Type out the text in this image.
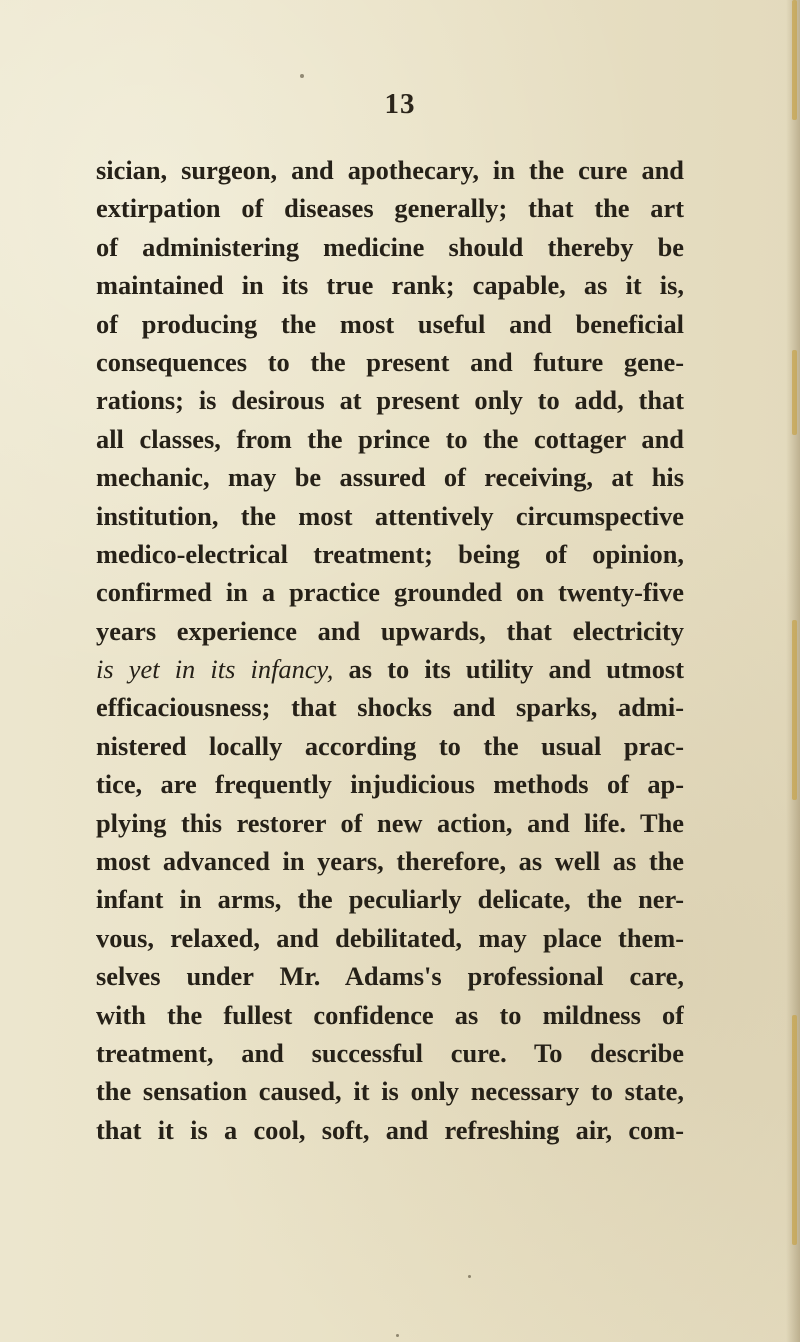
13
sician, surgeon, and apothecary, in the cure and
extirpation of diseases generally; that the art
of administering medicine should thereby be
maintained in its true rank; capable, as it is,
of producing the most useful and beneficial
consequences to the present and future gene-
rations; is desirous at present only to add, that
all classes, from the prince to the cottager and
mechanic, may be assured of receiving, at his
institution, the most attentively circumspective
medico-electrical treatment; being of opinion,
confirmed in a practice grounded on twenty-five
years experience and upwards, that electricity
is yet in its infancy, as to its utility and utmost
efficaciousness; that shocks and sparks, admi-
nistered locally according to the usual prac-
tice, are frequently injudicious methods of ap-
plying this restorer of new action, and life. The
most advanced in years, therefore, as well as the
infant in arms, the peculiarly delicate, the ner-
vous, relaxed, and debilitated, may place them-
selves under Mr. Adams's professional care,
with the fullest confidence as to mildness of
treatment, and successful cure. To describe
the sensation caused, it is only necessary to state,
that it is a cool, soft, and refreshing air, com-
